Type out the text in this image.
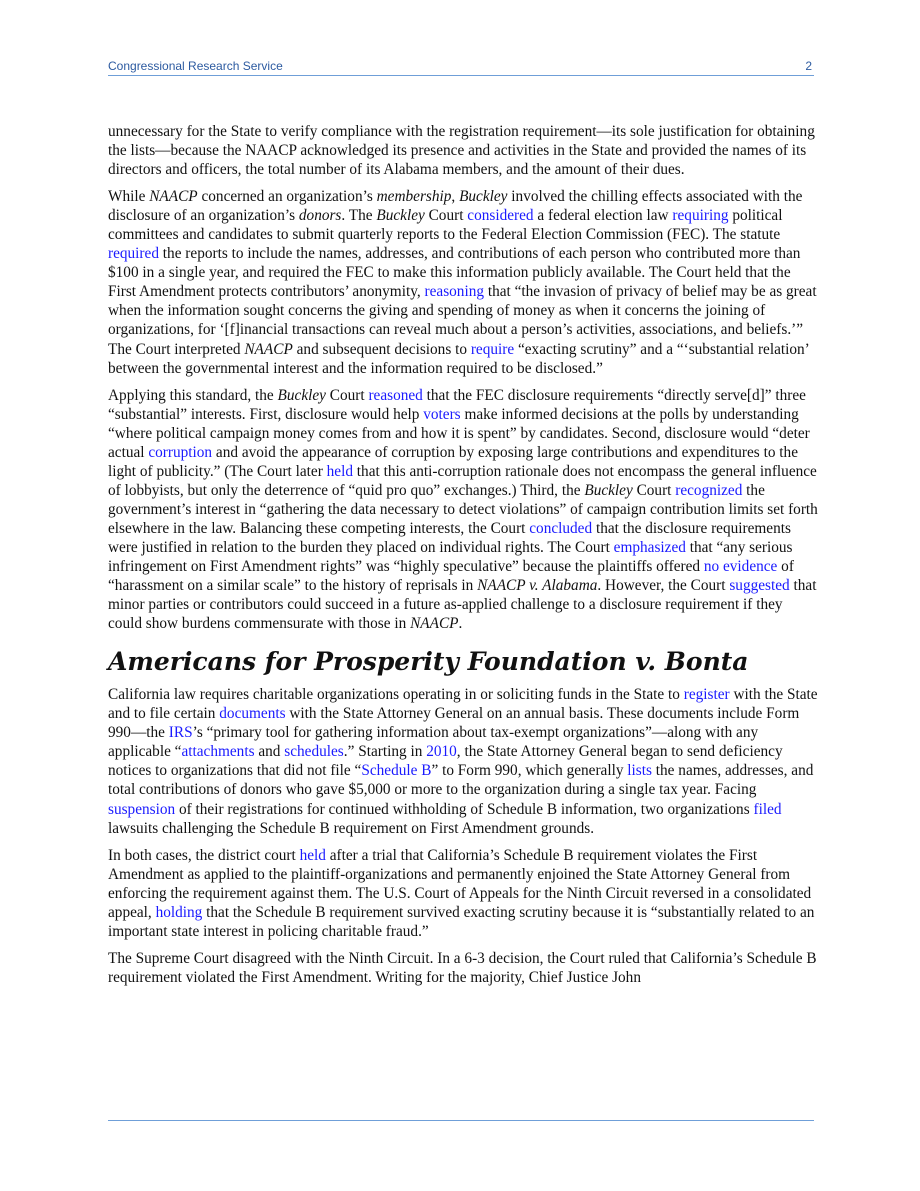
Congressional Research Service	2

unnecessary for the State to verify compliance with the registration requirement—its sole justification for obtaining the lists—because the NAACP acknowledged its presence and activities in the State and provided the names of its directors and officers, the total number of its Alabama members, and the amount of their dues.

While NAACP concerned an organization’s membership, Buckley involved the chilling effects associated with the disclosure of an organization’s donors. The Buckley Court considered a federal election law requiring political committees and candidates to submit quarterly reports to the Federal Election Commission (FEC). The statute required the reports to include the names, addresses, and contributions of each person who contributed more than $100 in a single year, and required the FEC to make this information publicly available. The Court held that the First Amendment protects contributors’ anonymity, reasoning that “the invasion of privacy of belief may be as great when the information sought concerns the giving and spending of money as when it concerns the joining of organizations, for ‘[f]inancial transactions can reveal much about a person’s activities, associations, and beliefs.’” The Court interpreted NAACP and subsequent decisions to require “exacting scrutiny” and a “‘substantial relation’ between the governmental interest and the information required to be disclosed.”

Applying this standard, the Buckley Court reasoned that the FEC disclosure requirements “directly serve[d]” three “substantial” interests. First, disclosure would help voters make informed decisions at the polls by understanding “where political campaign money comes from and how it is spent” by candidates. Second, disclosure would “deter actual corruption and avoid the appearance of corruption by exposing large contributions and expenditures to the light of publicity.” (The Court later held that this anti-corruption rationale does not encompass the general influence of lobbyists, but only the deterrence of “quid pro quo” exchanges.) Third, the Buckley Court recognized the government’s interest in “gathering the data necessary to detect violations” of campaign contribution limits set forth elsewhere in the law. Balancing these competing interests, the Court concluded that the disclosure requirements were justified in relation to the burden they placed on individual rights. The Court emphasized that “any serious infringement on First Amendment rights” was “highly speculative” because the plaintiffs offered no evidence of “harassment on a similar scale” to the history of reprisals in NAACP v. Alabama. However, the Court suggested that minor parties or contributors could succeed in a future as-applied challenge to a disclosure requirement if they could show burdens commensurate with those in NAACP.

Americans for Prosperity Foundation v. Bonta

California law requires charitable organizations operating in or soliciting funds in the State to register with the State and to file certain documents with the State Attorney General on an annual basis. These documents include Form 990—the IRS’s “primary tool for gathering information about tax-exempt organizations”—along with any applicable “attachments and schedules.” Starting in 2010, the State Attorney General began to send deficiency notices to organizations that did not file “Schedule B” to Form 990, which generally lists the names, addresses, and total contributions of donors who gave $5,000 or more to the organization during a single tax year. Facing suspension of their registrations for continued withholding of Schedule B information, two organizations filed lawsuits challenging the Schedule B requirement on First Amendment grounds.

In both cases, the district court held after a trial that California’s Schedule B requirement violates the First Amendment as applied to the plaintiff-organizations and permanently enjoined the State Attorney General from enforcing the requirement against them. The U.S. Court of Appeals for the Ninth Circuit reversed in a consolidated appeal, holding that the Schedule B requirement survived exacting scrutiny because it is “substantially related to an important state interest in policing charitable fraud.”

The Supreme Court disagreed with the Ninth Circuit. In a 6-3 decision, the Court ruled that California’s Schedule B requirement violated the First Amendment. Writing for the majority, Chief Justice John
